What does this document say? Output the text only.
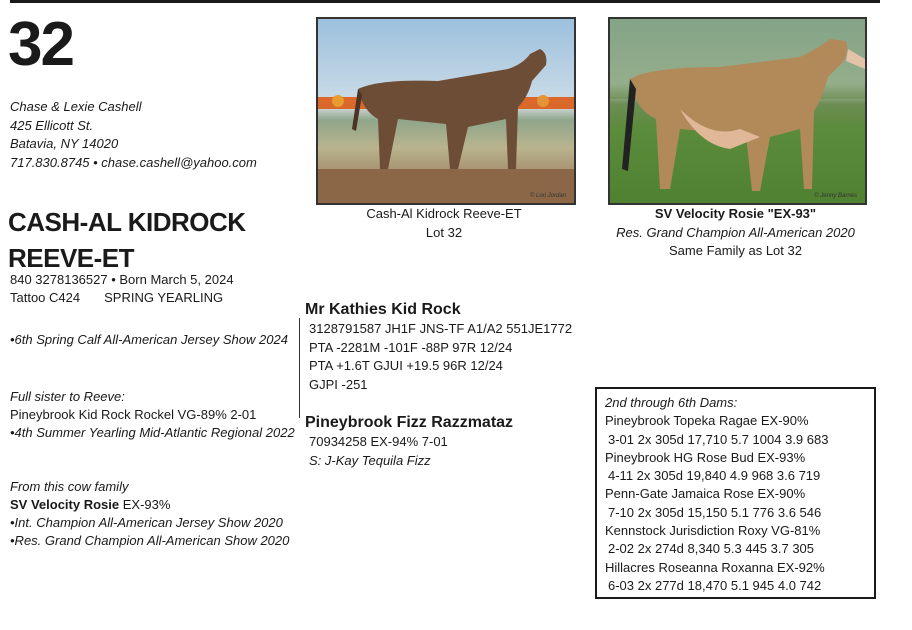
32
Chase & Lexie Cashell
425 Ellicott St.
Batavia, NY 14020
717.830.8745 • chase.cashell@yahoo.com
CASH-AL KIDROCK
REEVE-ET
840 3278136527 • Born March 5, 2024
Tattoo C424 SPRING YEARLING
•6th Spring Calf All-American Jersey Show 2024
Full sister to Reeve:
Pineybrook Kid Rock Rockel VG-89% 2-01
•4th Summer Yearling Mid-Atlantic Regional 2022
From this cow family
SV Velocity Rosie EX-93%
•Int. Champion All-American Jersey Show 2020
•Res. Grand Champion All-American Show 2020
© Lori Jordan
Cash-Al Kidrock Reeve-ET
Lot 32
© Jenny Barnes
SV Velocity Rosie "EX-93"
Res. Grand Champion All-American 2020
Same Family as Lot 32
Mr Kathies Kid Rock
3128791587 JH1F JNS-TF A1/A2 551JE1772
PTA -2281M -101F -88P 97R 12/24
PTA +1.6T GJUI +19.5 96R 12/24
GJPI -251
Pineybrook Fizz Razzmataz
70934258 EX-94% 7-01
S: J-Kay Tequila Fizz
2nd through 6th Dams:
Pineybrook Topeka Ragae EX-90%
3-01 2x 305d 17,710 5.7 1004 3.9 683
Pineybrook HG Rose Bud EX-93%
4-11 2x 305d 19,840 4.9 968 3.6 719
Penn-Gate Jamaica Rose EX-90%
7-10 2x 305d 15,150 5.1 776 3.6 546
Kennstock Jurisdiction Roxy VG-81%
2-02 2x 274d 8,340 5.3 445 3.7 305
Hillacres Roseanna Roxanna EX-92%
6-03 2x 277d 18,470 5.1 945 4.0 742
